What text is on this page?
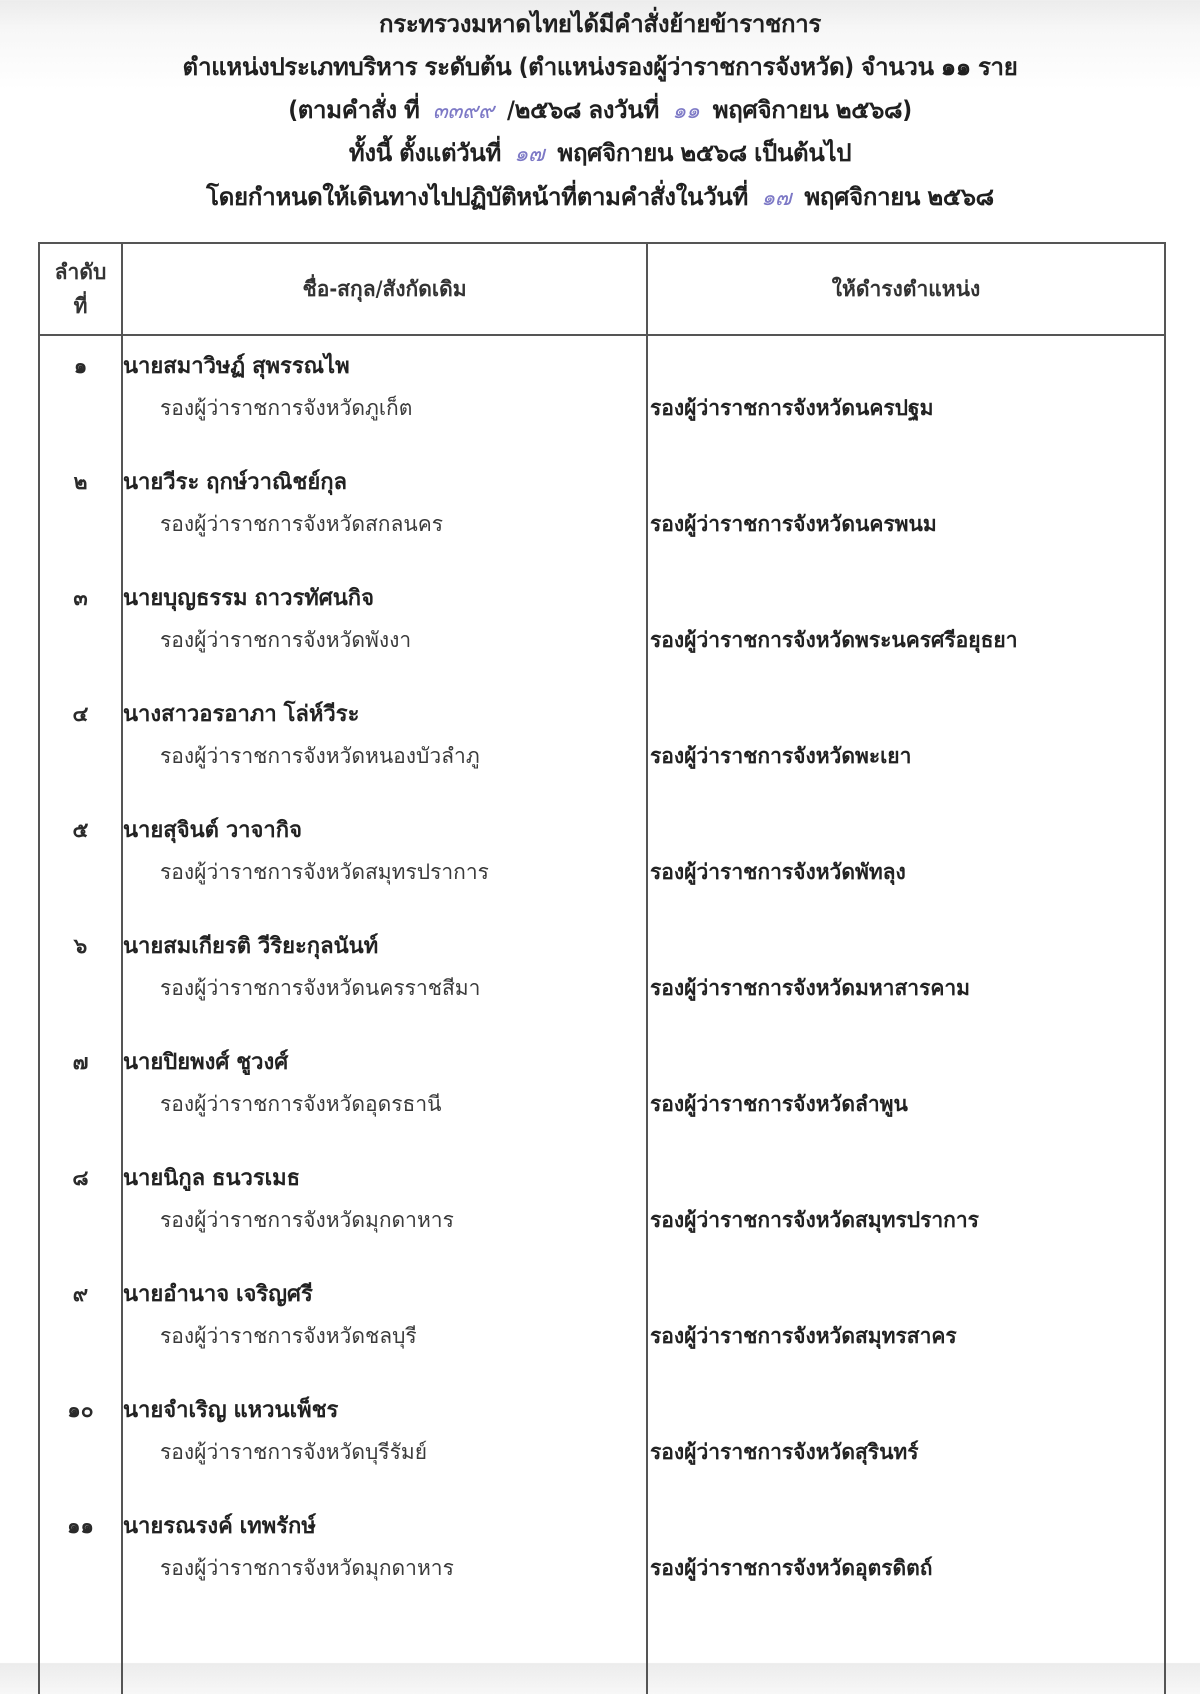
กระทรวงมหาดไทยได้มีคำสั่งย้ายข้าราชการ
ตำแหน่งประเภทบริหาร ระดับต้น (ตำแหน่งรองผู้ว่าราชการจังหวัด) จำนวน ๑๑ ราย
(ตามคำสั่ง ที่ ๓๓๙๙ /๒๕๖๘ ลงวันที่ ๑๑ พฤศจิกายน ๒๕๖๘)
ทั้งนี้ ตั้งแต่วันที่ ๑๗ พฤศจิกายน ๒๕๖๘ เป็นต้นไป
โดยกำหนดให้เดินทางไปปฏิบัติหน้าที่ตามคำสั่งในวันที่ ๑๗ พฤศจิกายน ๒๕๖๘
ลำดับ
ที่
ชื่อ-สกุล/สังกัดเดิม	ให้ดำรงตำแหน่ง
๑	นายสมาวิษฏ์ สุพรรณไพ
รองผู้ว่าราชการจังหวัดภูเก็ต	รองผู้ว่าราชการจังหวัดนครปฐม
๒	นายวีระ ฤกษ์วาณิชย์กุล
รองผู้ว่าราชการจังหวัดสกลนคร	รองผู้ว่าราชการจังหวัดนครพนม
๓	นายบุญธรรม ถาวรทัศนกิจ
รองผู้ว่าราชการจังหวัดพังงา	รองผู้ว่าราชการจังหวัดพระนครศรีอยุธยา
๔	นางสาวอรอาภา โล่ห์วีระ
รองผู้ว่าราชการจังหวัดหนองบัวลำภู	รองผู้ว่าราชการจังหวัดพะเยา
๕	นายสุจินต์ วาจากิจ
รองผู้ว่าราชการจังหวัดสมุทรปราการ	รองผู้ว่าราชการจังหวัดพัทลุง
๖	นายสมเกียรติ วีริยะกุลนันท์
รองผู้ว่าราชการจังหวัดนครราชสีมา	รองผู้ว่าราชการจังหวัดมหาสารคาม
๗	นายปิยพงศ์ ชูวงศ์
รองผู้ว่าราชการจังหวัดอุดรธานี	รองผู้ว่าราชการจังหวัดลำพูน
๘	นายนิกูล ธนวรเมธ
รองผู้ว่าราชการจังหวัดมุกดาหาร	รองผู้ว่าราชการจังหวัดสมุทรปราการ
๙	นายอำนาจ เจริญศรี
รองผู้ว่าราชการจังหวัดชลบุรี	รองผู้ว่าราชการจังหวัดสมุทรสาคร
๑๐	นายจำเริญ แหวนเพ็ชร
รองผู้ว่าราชการจังหวัดบุรีรัมย์	รองผู้ว่าราชการจังหวัดสุรินทร์
๑๑	นายรณรงค์ เทพรักษ์
รองผู้ว่าราชการจังหวัดมุกดาหาร	รองผู้ว่าราชการจังหวัดอุตรดิตถ์
